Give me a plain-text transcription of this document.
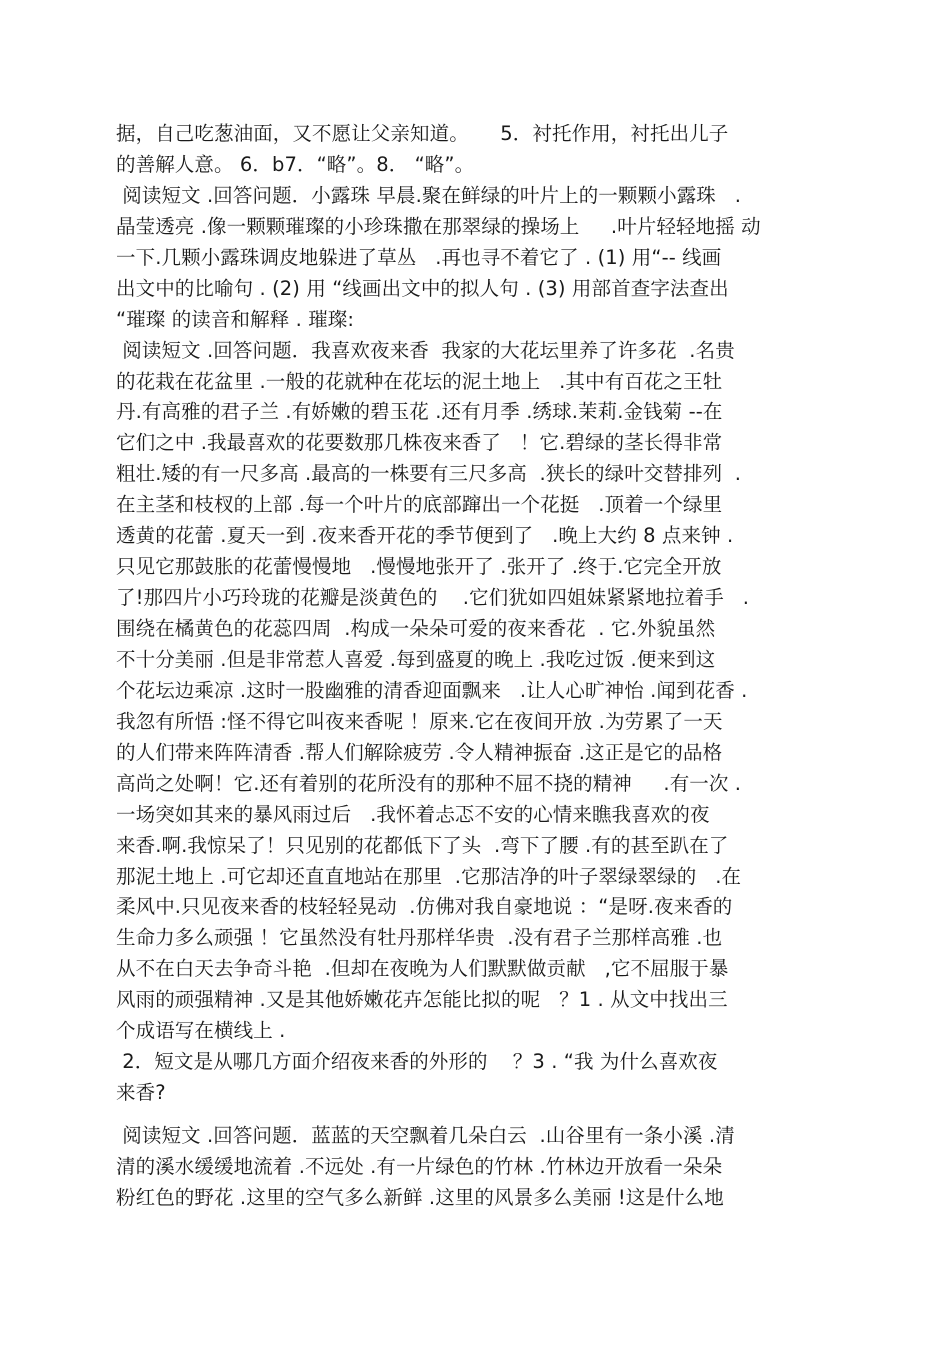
据，自己吃葱油面，又不愿让父亲知道。     5．衬托作用，衬托出儿子
的善解人意。 6．b7．“略”。8． “略”。
阅读短文 .回答问题．小露珠 早晨.聚在鲜绿的叶片上的一颗颗小露珠   .
晶莹透亮 .像一颗颗璀璨的小珍珠撒在那翠绿的操场上     .叶片轻轻地摇 动
一下.几颗小露珠调皮地躲进了草丛   .再也寻不着它了 . (1) 用“-- 线画
出文中的比喻句 . (2) 用 “线画出文中的拟人句 . (3) 用部首查字法查出
“璀璨 的读音和解释 . 璀璨:
阅读短文 .回答问题．我喜欢夜来香  我家的大花坛里养了许多花  .名贵
的花栽在花盆里 .一般的花就种在花坛的泥土地上   .其中有百花之王牡
丹.有高雅的君子兰 .有娇嫩的碧玉花 .还有月季 .绣球.茉莉.金钱菊 --在
它们之中 .我最喜欢的花要数那几株夜来香了   ！它.碧绿的茎长得非常
粗壮.矮的有一尺多高 .最高的一株要有三尺多高  .狭长的绿叶交替排列  .
在主茎和枝杈的上部 .每一个叶片的底部蹿出一个花挺   .顶着一个绿里
透黄的花蕾 .夏天一到 .夜来香开花的季节便到了   .晚上大约 8 点来钟 .
只见它那鼓胀的花蕾慢慢地   .慢慢地张开了 .张开了 .终于.它完全开放
了!那四片小巧玲珑的花瓣是淡黄色的    .它们犹如四姐妹紧紧地拉着手   .
围绕在橘黄色的花蕊四周  .构成一朵朵可爱的夜来香花  . 它.外貌虽然
不十分美丽 .但是非常惹人喜爱 .每到盛夏的晚上 .我吃过饭 .便来到这
个花坛边乘凉 .这时一股幽雅的清香迎面飘来   .让人心旷神怡 .闻到花香 .
我忽有所悟 :怪不得它叫夜来香呢 ！原来.它在夜间开放 .为劳累了一天
的人们带来阵阵清香 .帮人们解除疲劳 .令人精神振奋 .这正是它的品格
高尚之处啊！它.还有着别的花所没有的那种不屈不挠的精神     .有一次 .
一场突如其来的暴风雨过后   .我怀着忐忑不安的心情来瞧我喜欢的夜
来香.啊.我惊呆了！只见别的花都低下了头  .弯下了腰 .有的甚至趴在了
那泥土地上 .可它却还直直地站在那里  .它那洁净的叶子翠绿翠绿的   .在
柔风中.只见夜来香的枝轻轻晃动  .仿佛对我自豪地说 ：“是呀.夜来香的
生命力多么顽强 ！它虽然没有牡丹那样华贵  .没有君子兰那样高雅 .也
从不在白天去争奇斗艳  .但却在夜晚为人们默默做贡献   ,它不屈服于暴
风雨的顽强精神 .又是其他娇嫩花卉怎能比拟的呢   ？1 . 从文中找出三
个成语写在横线上 .
2．短文是从哪几方面介绍夜来香的外形的    ？3 . “我 为什么喜欢夜
来香?
阅读短文 .回答问题．蓝蓝的天空飘着几朵白云  .山谷里有一条小溪 .清
清的溪水缓缓地流着 .不远处 .有一片绿色的竹林 .竹林边开放看一朵朵
粉红色的野花 .这里的空气多么新鲜 .这里的风景多么美丽 !这是什么地
